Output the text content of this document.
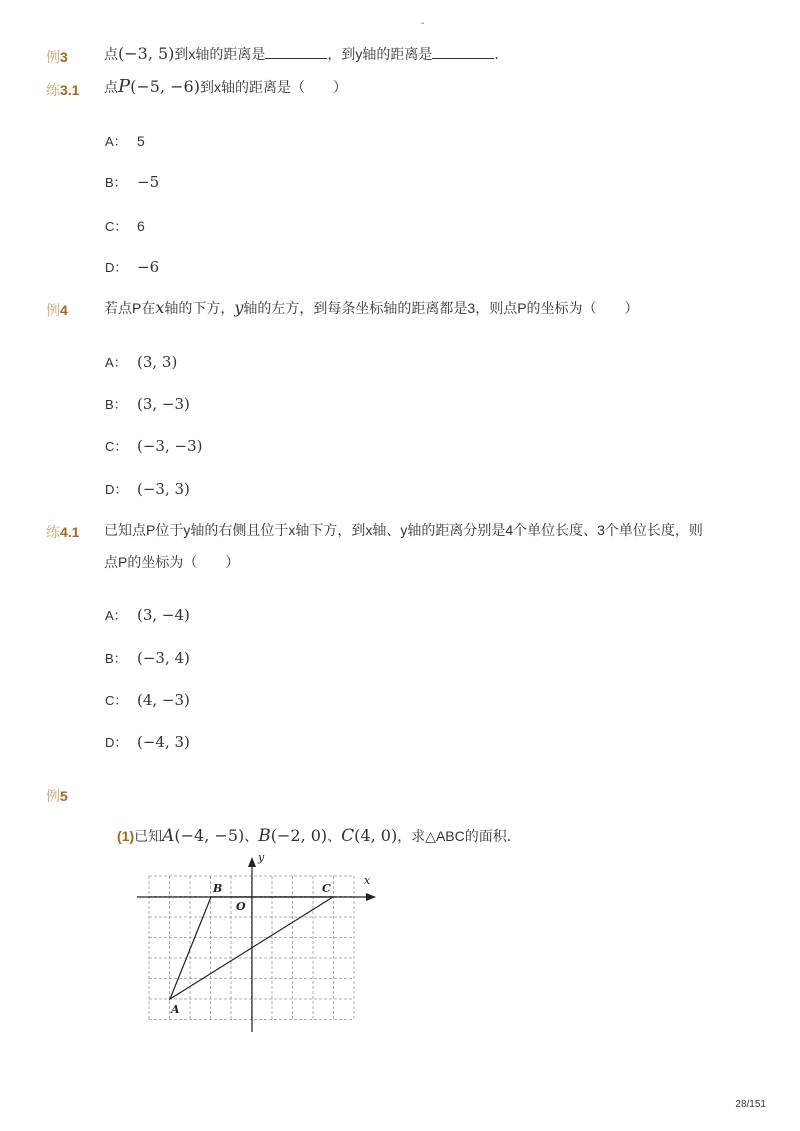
-
例3	点(−3, 5)到x轴的距离是	，到y轴的距离是	．
练3.1 点P(−5, −6)到x轴的距离是（　　）
A： 5
B： −5
C： 6
D： −6
例4	若点P在x轴的下方，y轴的左方，到每条坐标轴的距离都是3，则点P的坐标为（　　）
A： (3, 3)
B： (3, −3)
C： (−3, −3)
D： (−3, 3)
练4.1 已知点P位于y轴的右侧且位于x轴下方，到x轴、y轴的距离分别是4个单位长度、3个单位长度，则
点P的坐标为（　　）
A： (3, −4)
B： (−3, 4)
C： (4, −3)
D： (−4, 3)
例5
(1)已知A(−4, −5)、B(−2, 0)、C(4, 0)，求△ABC的面积．
x
y
O
B	C
A
28/151
